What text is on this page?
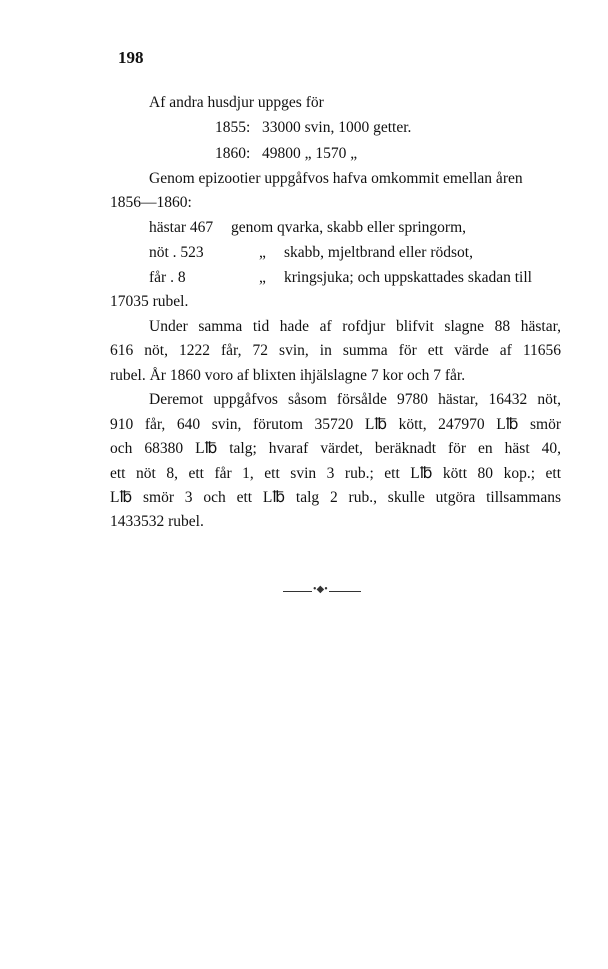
198
Af andra husdjur uppges för
1855: 33000 svin, 1000 getter.
1860: 49800 „ 1570 „
Genom epizootier uppgåfvos hafva omkommit emellan åren
1856—1860:
hästar 467 genom qvarka, skabb eller springorm,
nöt . 523	„ skabb, mjeltbrand eller rödsot,
får . 8	„ kringsjuka; och uppskattades skadan till
17035 rubel.
Under samma tid hade af rofdjur blifvit slagne 88 hästar,
616 nöt, 1222 får, 72 svin, in summa för ett värde af 11656
rubel. År 1860 voro af blixten ihjälslagne 7 kor och 7 får.
Deremot uppgåfvos såsom försålde 9780 hästar, 16432 nöt,
910 får, 640 svin, förutom 35720 L℔ kött, 247970 L℔ smör
och 68380 L℔ talg; hvaraf värdet, beräknadt för en häst 40,
ett nöt 8, ett får 1, ett svin 3 rub.; ett L℔ kött 80 kop.; ett
L℔ smör 3 och ett L℔ talg 2 rub., skulle utgöra tillsammans
1433532 rubel.
•◆•
